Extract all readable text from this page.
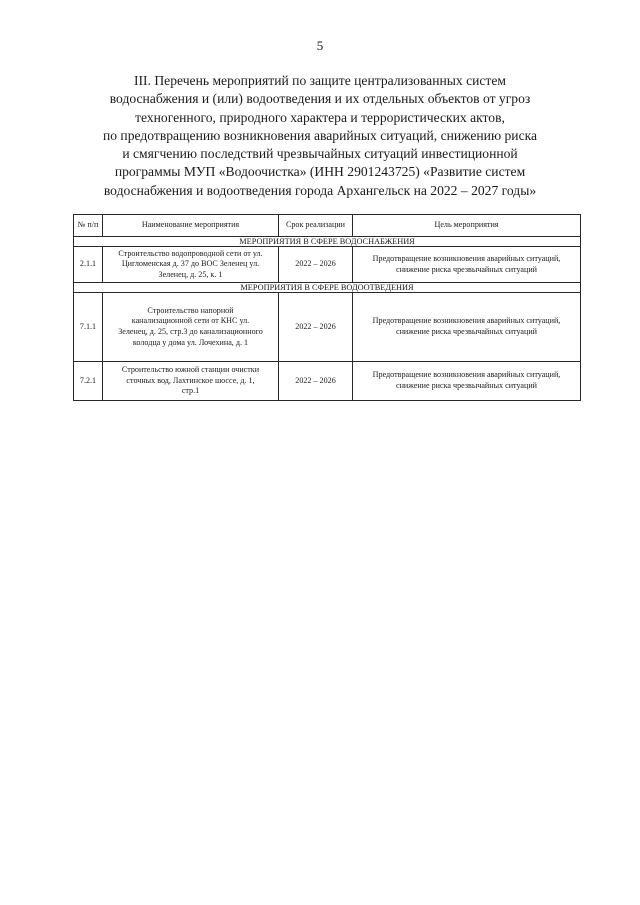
5
III. Перечень мероприятий по защите централизованных систем
водоснабжения и (или) водоотведения и их отдельных объектов от угроз
техногенного, природного характера и террористических актов,
по предотвращению возникновения аварийных ситуаций, снижению риска
и смягчению последствий чрезвычайных ситуаций инвестиционной
программы МУП «Водоочистка» (ИНН 2901243725) «Развитие систем
водоснабжения и водоотведения города Архангельск на 2022 – 2027 годы»
№ п/п	Наименование мероприятия	Срок реализации	Цель мероприятия
МЕРОПРИЯТИЯ В СФЕРЕ ВОДОСНАБЖЕНИЯ			
2.1.1	Строительство водопроводной сети от ул.
Цигломенская д. 37 до ВОС Зеленец ул.
Зеленец, д. 25, к. 1	2022 – 2026	Предотвращение возникновения аварийных ситуаций,
снижение риска чрезвычайных ситуаций

МЕРОПРИЯТИЯ В СФЕРЕ ВОДООТВЕДЕНИЯ			
7.1.1	Строительство напорной
канализационной сети от КНС ул.
Зеленец, д. 25, стр.3 до канализационного
колодца у дома ул. Лочехина, д. 1	2022 – 2026	Предотвращение возникновения аварийных ситуаций,
снижение риска чрезвычайных ситуаций

7.2.1	Строительство южной станции очистки
сточных вод, Лахтинское шоссе, д. 1,
стр.1	2022 – 2026	Предотвращение возникновения аварийных ситуаций,
снижение риска чрезвычайных ситуаций
